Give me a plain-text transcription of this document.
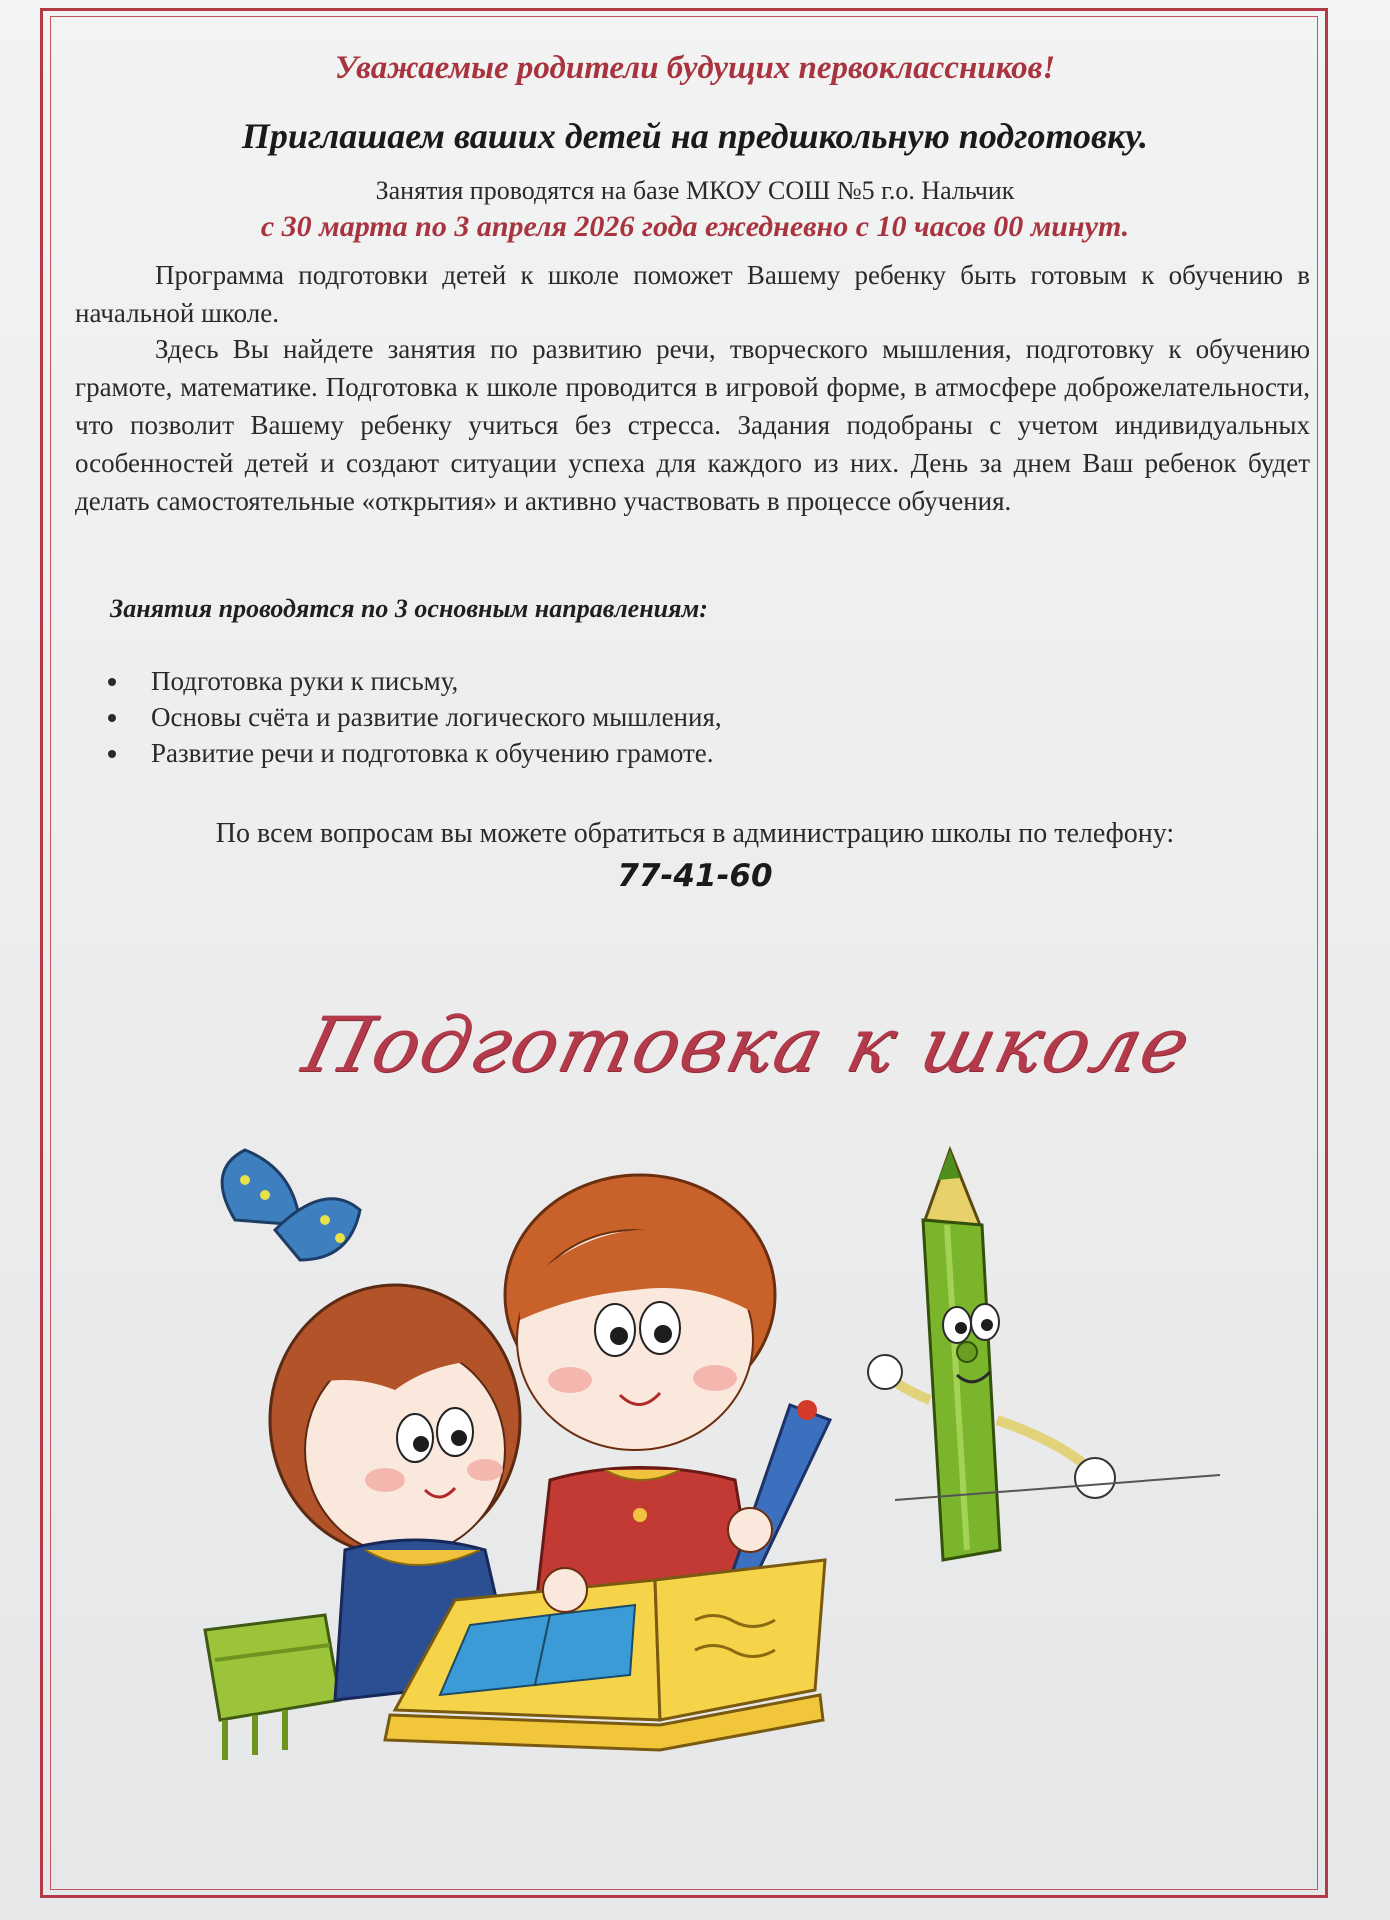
Уважаемые родители будущих первоклассников!

Приглашаем ваших детей на предшкольную подготовку.

Занятия проводятся на базе МКОУ СОШ №5 г.о. Нальчик

с 30 марта по 3 апреля 2026 года ежедневно с 10 часов 00 минут.

Программа подготовки детей к школе поможет Вашему ребенку быть готовым к обучению в начальной школе.

Здесь Вы найдете занятия по развитию речи, творческого мышления, подготовку к обучению грамоте, математике. Подготовка к школе проводится в игровой форме, в атмосфере доброжелательности, что позволит Вашему ребенку учиться без стресса. Задания подобраны с учетом индивидуальных особенностей детей и создают ситуации успеха для каждого из них. День за днем Ваш ребенок будет делать самостоятельные «открытия» и активно участвовать в процессе обучения.

Занятия проводятся по 3 основным направлениям:

Подготовка руки к письму,
Основы счёта и развитие логического мышления,
Развитие речи и подготовка к обучению грамоте.

По всем вопросам вы можете обратиться в администрацию школы по телефону:

77-41-60

Подготовка к школе
